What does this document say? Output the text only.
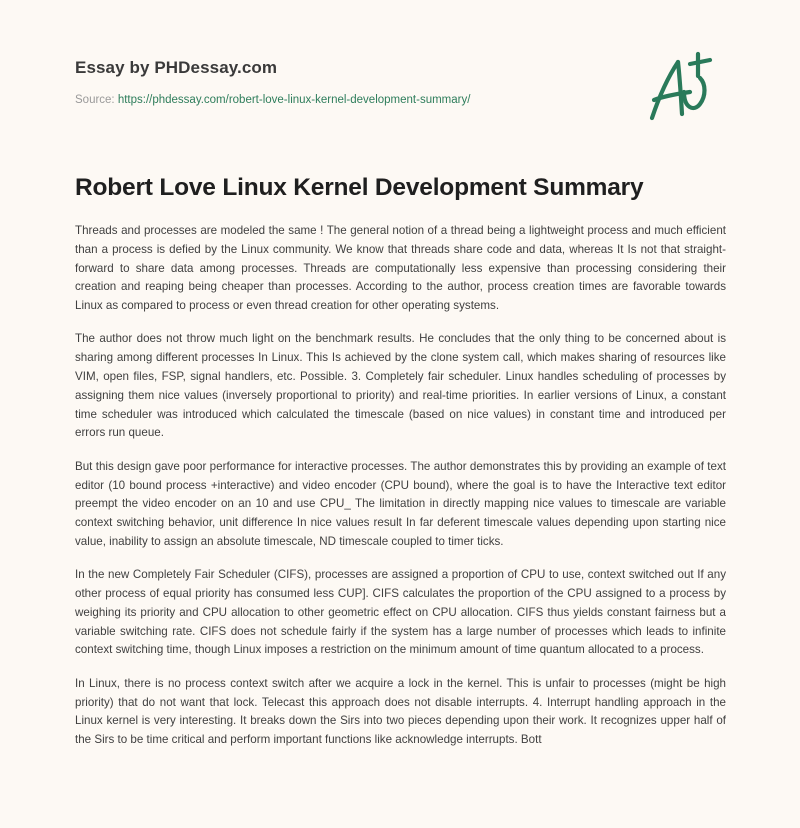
Essay by PHDessay.com
Source: https://phdessay.com/robert-love-linux-kernel-development-summary/
Robert Love Linux Kernel Development Summary

Threads and processes are modeled the same ! The general notion of a thread being a lightweight process and much efficient than a process is defied by the Linux community. We know that threads share code and data, whereas It Is not that straight-forward to share data among processes. Threads are computationally less expensive than processing considering their creation and reaping being cheaper than processes. According to the author, process creation times are favorable towards Linux as compared to process or even thread creation for other operating systems.

The author does not throw much light on the benchmark results. He concludes that the only thing to be concerned about is sharing among different processes In Linux. This Is achieved by the clone system call, which makes sharing of resources like VIM, open files, FSP, signal handlers, etc. Possible. 3. Completely fair scheduler. Linux handles scheduling of processes by assigning them nice values (inversely proportional to priority) and real-time priorities. In earlier versions of Linux, a constant time scheduler was introduced which calculated the timescale (based on nice values) in constant time and introduced per errors run queue.

But this design gave poor performance for interactive processes. The author demonstrates this by providing an example of text editor (10 bound process +interactive) and video encoder (CPU bound), where the goal is to have the Interactive text editor preempt the video encoder on an 10 and use CPU_ The limitation in directly mapping nice values to timescale are variable context switching behavior, unit difference In nice values result In far deferent timescale values depending upon starting nice value, inability to assign an absolute timescale, ND timescale coupled to timer ticks.

In the new Completely Fair Scheduler (CIFS), processes are assigned a proportion of CPU to use, context switched out If any other process of equal priority has consumed less CUP]. CIFS calculates the proportion of the CPU assigned to a process by weighing its priority and CPU allocation to other geometric effect on CPU allocation. CIFS thus yields constant fairness but a variable switching rate. CIFS does not schedule fairly if the system has a large number of processes which leads to infinite context switching time, though Linux imposes a restriction on the minimum amount of time quantum allocated to a process.

In Linux, there is no process context switch after we acquire a lock in the kernel. This is unfair to processes (might be high priority) that do not want that lock. Telecast this approach does not disable interrupts. 4. Interrupt handling approach in the Linux kernel is very interesting. It breaks down the Sirs into two pieces depending upon their work. It recognizes upper half of the Sirs to be time critical and perform important functions like acknowledge interrupts. Bott
